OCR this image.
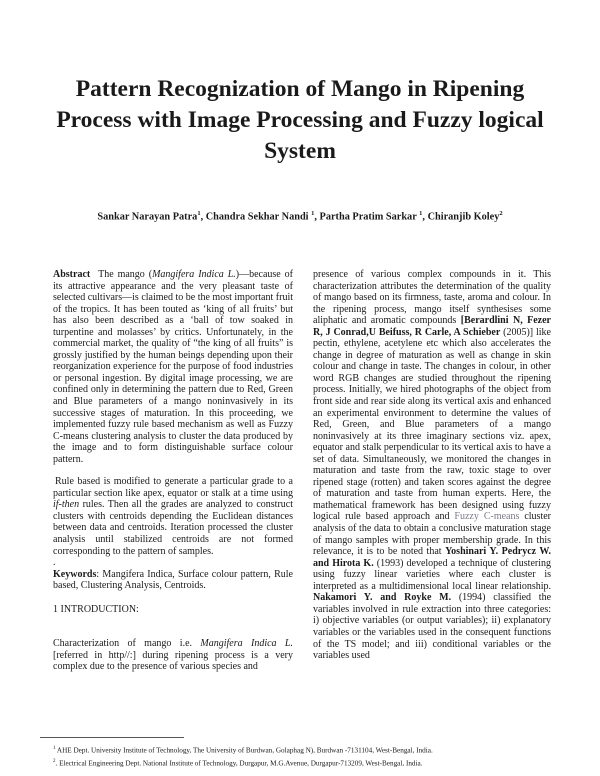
Pattern Recognization of Mango in Ripening Process with Image Processing and Fuzzy logical System
Sankar Narayan Patra$^1$, Chandra Sekhar Nandi $^1$, Partha Pratim Sarkar $^1$, Chiranjib Koley$^2$

Abstract The mango (Mangifera Indica L.)—because of its attractive appearance and the very pleasant taste of selected cultivars—is claimed to be the most important fruit of the tropics. It has been touted as ‘king of all fruits’ but has also been described as a ‘ball of tow soaked in turpentine and molasses’ by critics. Unfortunately, in the commercial market, the quality of “the king of all fruits” is grossly justified by the human beings depending upon their reorganization experience for the purpose of food industries or personal ingestion. By digital image processing, we are confined only in determining the pattern due to Red, Green and Blue parameters of a mango noninvasively in its successive stages of maturation. In this proceeding, we implemented fuzzy rule based mechanism as well as Fuzzy C-means clustering analysis to cluster the data produced by the image and to form distinguishable surface colour pattern.

Rule based is modified to generate a particular grade to a particular section like apex, equator or stalk at a time using if-then rules. Then all the grades are analyzed to construct clusters with centroids depending the Euclidean distances between data and centroids. Iteration processed the cluster analysis until stabilized centroids are not formed corresponding to the pattern of samples.

.

Keywords: Mangifera Indica, Surface colour pattern, Rule based, Clustering Analysis, Centroids.

1 INTRODUCTION:

Characterization of mango i.e. Mangifera Indica L. [referred in http//:] during ripening process is a very complex due to the presence of various species and

presence of various complex compounds in it. This characterization attributes the determination of the quality of mango based on its firmness, taste, aroma and colour. In the ripening process, mango itself synthesises some aliphatic and aromatic compounds [Berardlini N, Fezer R, J Conrad,U Beifuss, R Carle, A Schieber (2005)] like pectin, ethylene, acetylene etc which also accelerates the change in degree of maturation as well as change in skin colour and change in taste. The changes in colour, in other word RGB changes are studied throughout the ripening process. Initially, we hired photographs of the object from front side and rear side along its vertical axis and enhanced an experimental environment to determine the values of Red, Green, and Blue parameters of a mango noninvasively at its three imaginary sections viz. apex, equator and stalk perpendicular to its vertical axis to have a set of data. Simultaneously, we monitored the changes in maturation and taste from the raw, toxic stage to over ripened stage (rotten) and taken scores against the degree of maturation and taste from human experts. Here, the mathematical framework has been designed using fuzzy logical rule based approach and Fuzzy C-means cluster analysis of the data to obtain a conclusive maturation stage of mango samples with proper membership grade. In this relevance, it is to be noted that Yoshinari Y. Pedrycz W. and Hirota K. (1993) developed a technique of clustering using fuzzy linear varieties where each cluster is interpreted as a multidimensional local linear relationship. Nakamori Y. and Royke M. (1994) classified the variables involved in rule extraction into three categories: i) objective variables (or output variables); ii) explanatory variables or the variables used in the consequent functions of the TS model; and iii) conditional variables or the variables used

$^1$ AHE Dept. University Institute of Technology, The University of Burdwan, Golaphag N), Burdwan -7131104, West-Bengal, India.
$^2$. Electrical Engineering Dept. National Institute of Technology, Durgapur, M.G.Avenue, Durgapur-713209, West-Bengal, India.
